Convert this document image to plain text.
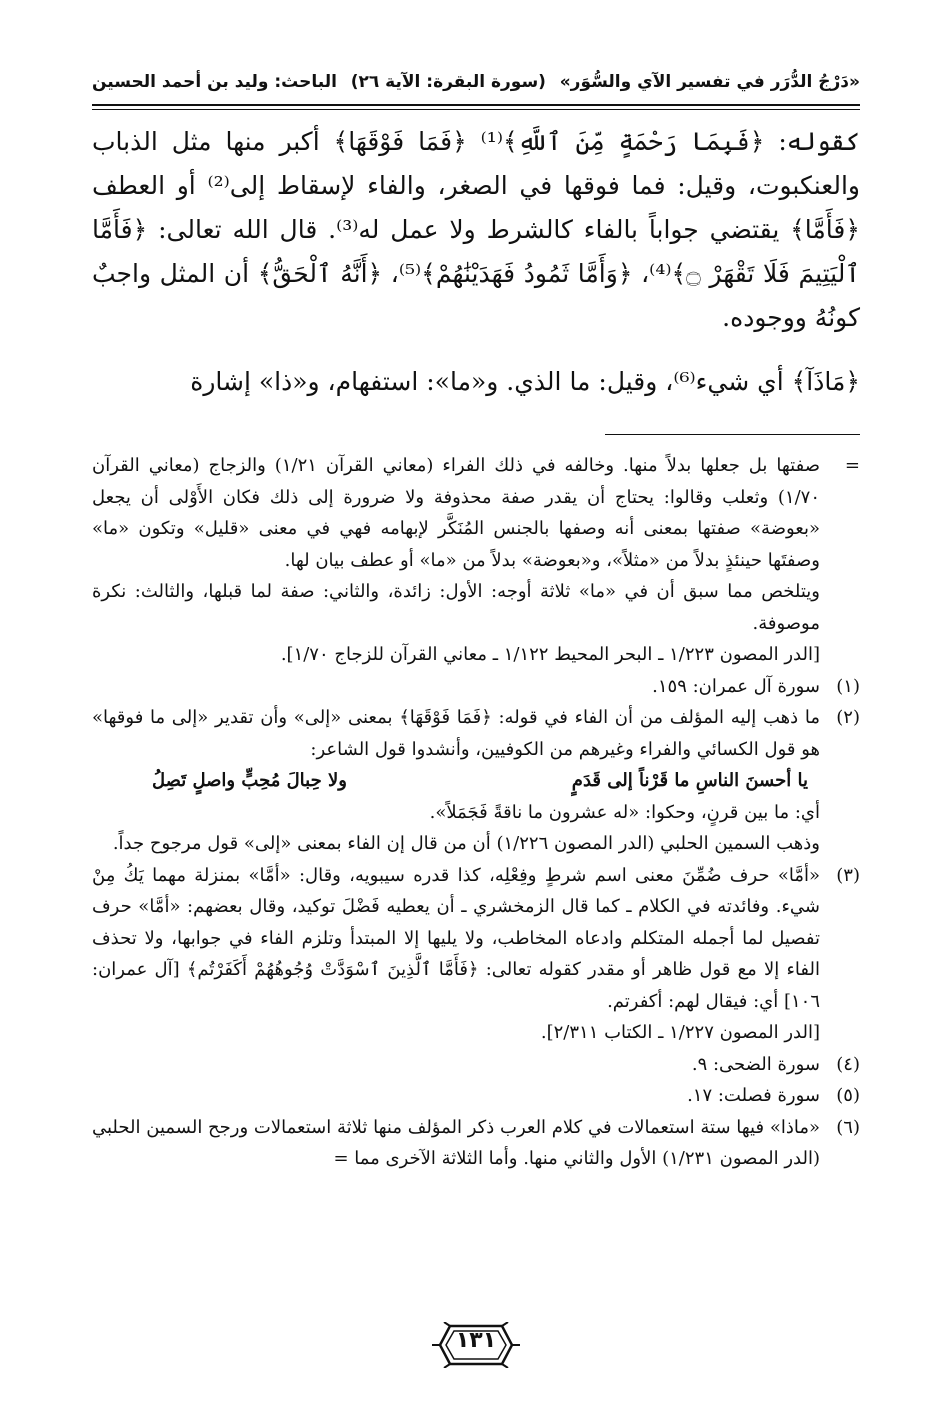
الباحث: وليد بن أحمد الحسين (سورة البقرة: الآية ٢٦) «دَرْجُ الدُّرَر في تفسير الآي والسُّوَر»

كقوله: ﴿فَبِمَا رَحْمَةٍ مِّنَ ٱللَّهِ﴾⁽¹⁾ ﴿فَمَا فَوْقَهَا﴾ أكبر منها مثل الذباب والعنكبوت، وقيل: فما فوقها في الصغر، والفاء لإسقاط إلى⁽²⁾ أو العطف ﴿فَأَمَّا﴾ يقتضي جواباً بالفاء كالشرط ولا عمل له⁽³⁾. قال الله تعالى: ﴿فَأَمَّا ٱلْيَتِيمَ فَلَا تَقْهَرْ ۝﴾⁽⁴⁾، ﴿وَأَمَّا ثَمُودُ فَهَدَيْنَٰهُمْ﴾⁽⁵⁾، ﴿أَنَّهُ ٱلْحَقُّ﴾ أن المثل واجبٌ كونُهُ ووجوده.

﴿مَاذَآ﴾ أي شيء⁽⁶⁾، وقيل: ما الذي. و«ما»: استفهام، و«ذا» إشارة

=

صفتها بل جعلها بدلاً منها. وخالفه في ذلك الفراء (معاني القرآن ١/٢١) والزجاج (معاني القرآن ١/٧٠) وثعلب وقالوا: يحتاج أن يقدر صفة محذوفة ولا ضرورة إلى ذلك فكان الأَوْلى أن يجعل «بعوضة» صفتها بمعنى أنه وصفها بالجنس المُنَكَّر لإبهامه فهي في معنى «قليل» وتكون «ما» وصفتَها حينئذٍ بدلاً من «مثلاً»، و«بعوضة» بدلاً من «ما» أو عطف بيان لها.

ويتلخص مما سبق أن في «ما» ثلاثة أوجه: الأول: زائدة، والثاني: صفة لما قبلها، والثالث: نكرة موصوفة.

[الدر المصون ١/٢٢٣ ـ البحر المحيط ١/١٢٢ ـ معاني القرآن للزجاج ١/٧٠].

(١)

سورة آل عمران: ١٥٩.

(٢)

ما ذهب إليه المؤلف من أن الفاء في قوله: ﴿فَمَا فَوْقَهَا﴾ بمعنى «إلى» وأن تقدير «إلى ما فوقها» هو قول الكسائي والفراء وغيرهم من الكوفيين، وأنشدوا قول الشاعر:

يا أحسنَ الناسِ ما قَرْناً إلى قَدَمٍ
ولا حِبالَ مُحِبٍّ واصلٍ تَصِلُ

أي: ما بين قرنٍ، وحكوا: «له عشرون ما ناقةً فَجَمَلاً».

وذهب السمين الحلبي (الدر المصون ١/٢٢٦) أن من قال إن الفاء بمعنى «إلى» قول مرجوح جداً.

(٣)

«أمَّا» حرف ضُمِّنَ معنى اسم شرطٍ وفِعْلِه، كذا قدره سيبويه، وقال: «أمَّا» بمنزلة مهما يَكُ مِنْ شيء. وفائدته في الكلام ـ كما قال الزمخشري ـ أن يعطيه فَضْلَ توكيد، وقال بعضهم: «أمَّا» حرف تفصيل لما أجمله المتكلم وادعاه المخاطب، ولا يليها إلا المبتدأ وتلزم الفاء في جوابها، ولا تحذف الفاء إلا مع قول ظاهر أو مقدر كقوله تعالى: ﴿فَأَمَّا ٱلَّذِينَ ٱسْوَدَّتْ وُجُوهُهُمْ أَكَفَرْتُم﴾ [آل عمران: ١٠٦] أي: فيقال لهم: أكفرتم.

[الدر المصون ١/٢٢٧ ـ الكتاب ٢/٣١١].

(٤)

سورة الضحى: ٩.

(٥)

سورة فصلت: ١٧.

(٦)

«ماذا» فيها ستة استعمالات في كلام العرب ذكر المؤلف منها ثلاثة استعمالات ورجح السمين الحلبي (الدر المصون ١/٢٣١) الأول والثاني منها. وأما الثلاثة الآخرى مما =

١٣١
